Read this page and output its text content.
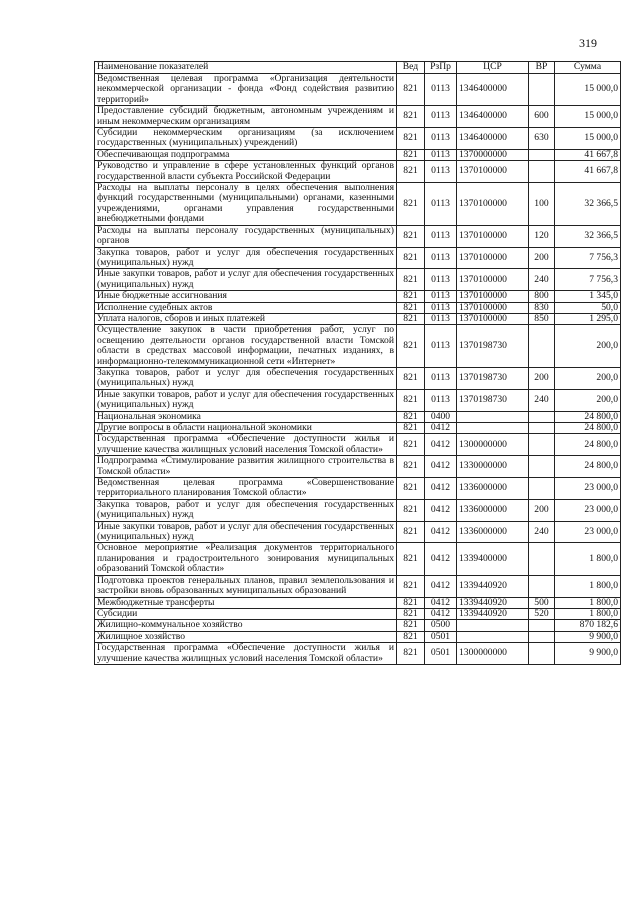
319
Наименование показателей	Вед	РзПр	ЦСР	ВР	Сумма
Ведомственная целевая программа «Организация деятельности некоммерческой организации - фонда «Фонд содействия развитию территорий»	821	0113	1346400000		15 000,0
Предоставление субсидий бюджетным, автономным учреждениям и иным некоммерческим организациям	821	0113	1346400000	600	15 000,0
Субсидии некоммерческим организациям (за исключением государственных (муниципальных) учреждений)	821	0113	1346400000	630	15 000,0
Обеспечивающая подпрограмма	821	0113	1370000000		41 667,8
Руководство и управление в сфере установленных функций органов государственной власти субъекта Российской Федерации	821	0113	1370100000		41 667,8
Расходы на выплаты персоналу в целях обеспечения выполнения функций государственными (муниципальными) органами, казенными учреждениями, органами управления государственными внебюджетными фондами	821	0113	1370100000	100	32 366,5
Расходы на выплаты персоналу государственных (муниципальных) органов	821	0113	1370100000	120	32 366,5
Закупка товаров, работ и услуг для обеспечения государственных (муниципальных) нужд	821	0113	1370100000	200	7 756,3
Иные закупки товаров, работ и услуг для обеспечения государственных (муниципальных) нужд	821	0113	1370100000	240	7 756,3
Иные бюджетные ассигнования	821	0113	1370100000	800	1 345,0
Исполнение судебных актов	821	0113	1370100000	830	50,0
Уплата налогов, сборов и иных платежей	821	0113	1370100000	850	1 295,0
Осуществление закупок в части приобретения работ, услуг по освещению деятельности органов государственной власти Томской области в средствах массовой информации, печатных изданиях, в информационно-телекоммуникационной сети «Интернет»	821	0113	1370198730		200,0
Закупка товаров, работ и услуг для обеспечения государственных (муниципальных) нужд	821	0113	1370198730	200	200,0
Иные закупки товаров, работ и услуг для обеспечения государственных (муниципальных) нужд	821	0113	1370198730	240	200,0
Национальная экономика	821	0400			24 800,0
Другие вопросы в области национальной экономики	821	0412			24 800,0
Государственная программа «Обеспечение доступности жилья и улучшение качества жилищных условий населения Томской области»	821	0412	1300000000		24 800,0
Подпрограмма «Стимулирование развития жилищного строительства в Томской области»	821	0412	1330000000		24 800,0
Ведомственная целевая программа «Совершенствование территориального планирования Томской области»	821	0412	1336000000		23 000,0
Закупка товаров, работ и услуг для обеспечения государственных (муниципальных) нужд	821	0412	1336000000	200	23 000,0
Иные закупки товаров, работ и услуг для обеспечения государственных (муниципальных) нужд	821	0412	1336000000	240	23 000,0
Основное мероприятие «Реализация документов территориального планирования и градостроительного зонирования муниципальных образований Томской области»	821	0412	1339400000		1 800,0
Подготовка проектов генеральных планов, правил землепользования и застройки вновь образованных муниципальных образований	821	0412	1339440920		1 800,0
Межбюджетные трансферты	821	0412	1339440920	500	1 800,0
Субсидии	821	0412	1339440920	520	1 800,0
Жилищно-коммунальное хозяйство	821	0500			870 182,6
Жилищное хозяйство	821	0501			9 900,0
Государственная программа «Обеспечение доступности жилья и улучшение качества жилищных условий населения Томской области»	821	0501	1300000000		9 900,0
